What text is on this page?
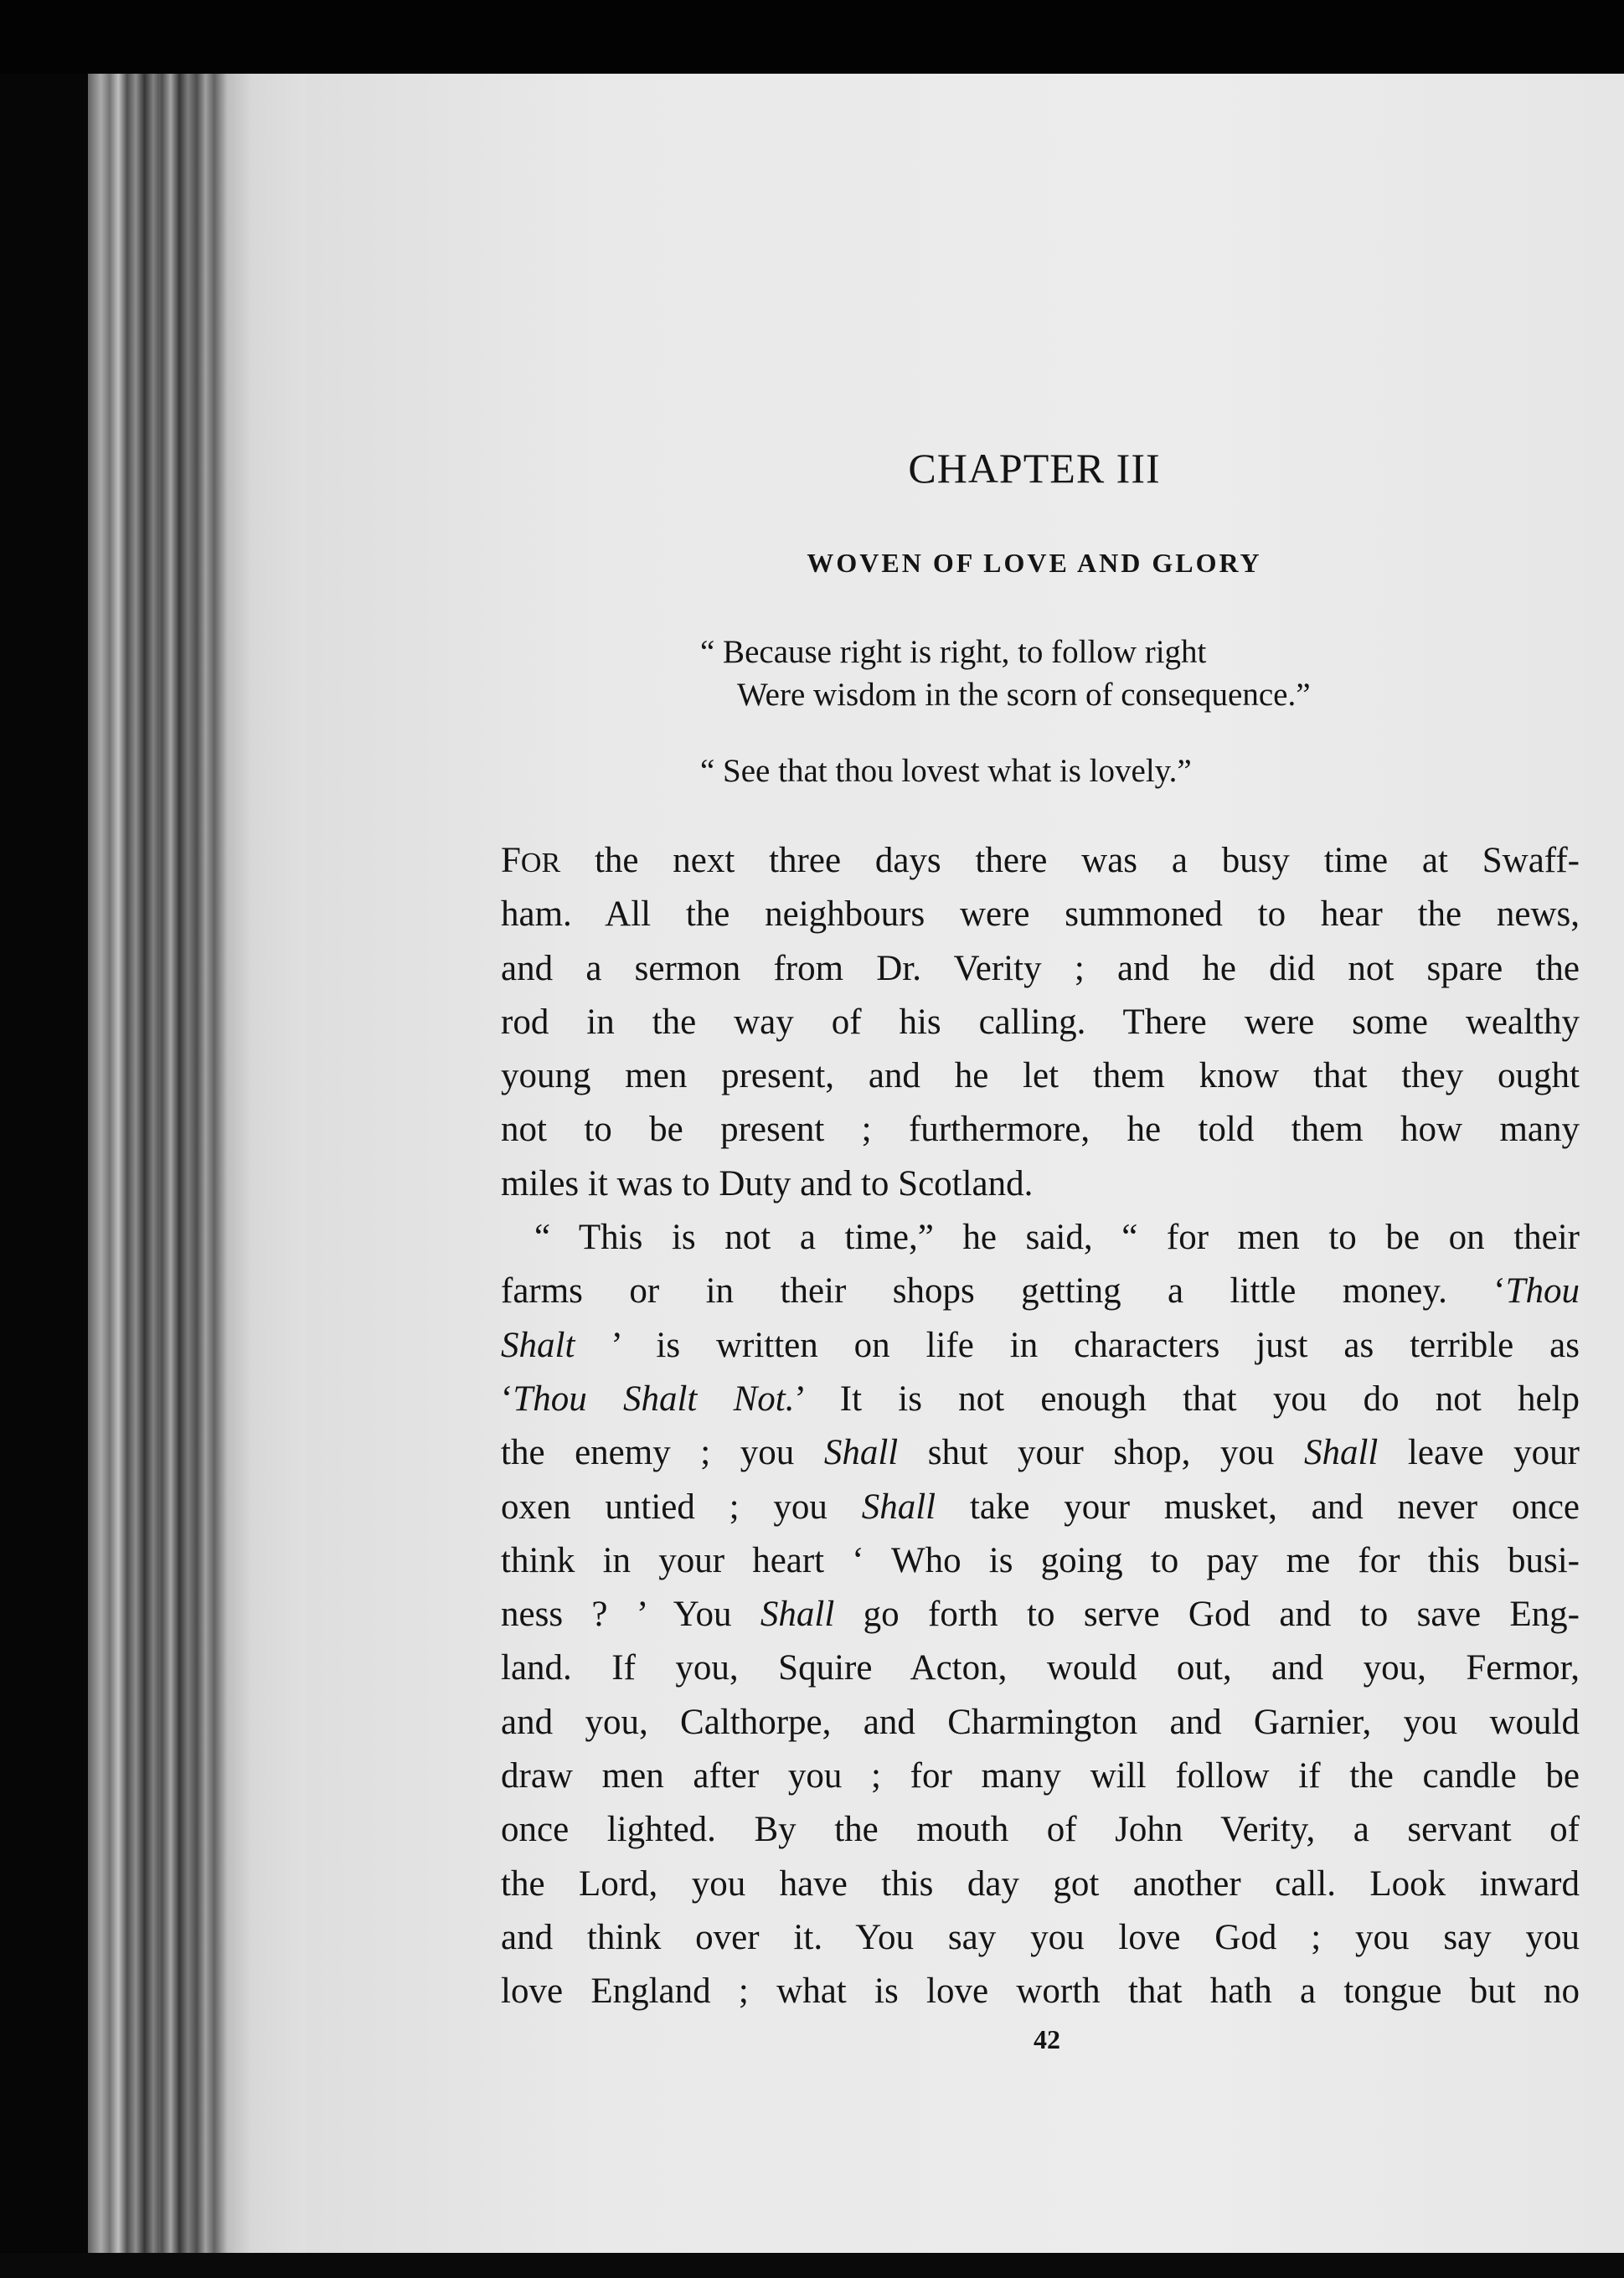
CHAPTER III
WOVEN OF LOVE AND GLORY
“ Because right is right, to follow right
Were wisdom in the scorn of consequence.”
“ See that thou lovest what is lovely.”
FOR the next three days there was a busy time at Swaff-
ham. All the neighbours were summoned to hear the news,
and a sermon from Dr. Verity ; and he did not spare the
rod in the way of his calling. There were some wealthy
young men present, and he let them know that they ought
not to be present ; furthermore, he told them how many
miles it was to Duty and to Scotland.
“ This is not a time,” he said, “ for men to be on their
farms or in their shops getting a little money. ‘Thou
Shalt ’ is written on life in characters just as terrible as
‘Thou Shalt Not.’ It is not enough that you do not help
the enemy ; you Shall shut your shop, you Shall leave your
oxen untied ; you Shall take your musket, and never once
think in your heart ‘ Who is going to pay me for this busi-
ness ? ’ You Shall go forth to serve God and to save Eng-
land. If you, Squire Acton, would out, and you, Fermor,
and you, Calthorpe, and Charmington and Garnier, you would
draw men after you ; for many will follow if the candle be
once lighted. By the mouth of John Verity, a servant of
the Lord, you have this day got another call. Look inward
and think over it. You say you love God ; you say you
love England ; what is love worth that hath a tongue but no
42
